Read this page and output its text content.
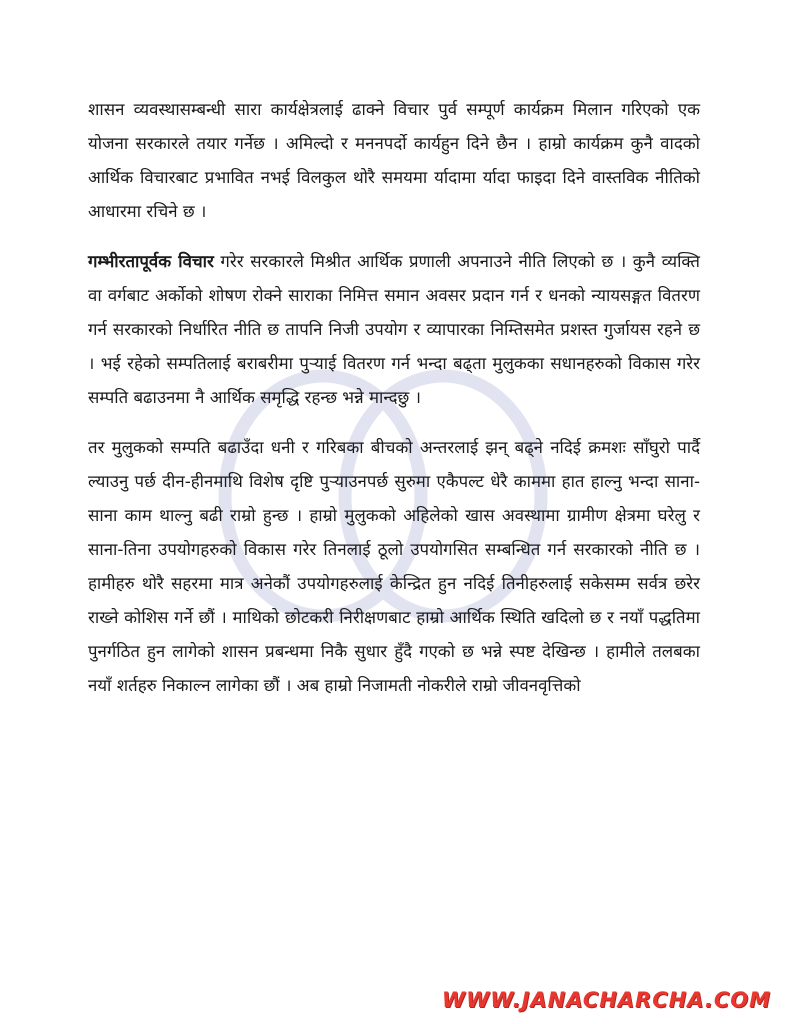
शासन व्यवस्थासम्बन्धी सारा कार्यक्षेत्रलाई ढाक्ने विचार पुर्व सम्पूर्ण कार्यक्रम मिलान गरिएको एक योजना सरकारले तयार गर्नेछ । अमिल्दो र मननपर्दो कार्यहुन दिने छैन । हाम्रो कार्यक्रम कुनै वादको आर्थिक विचारबाट प्रभावित नभई विलकुल थोरै समयमा र्यादामा र्यादा फाइदा दिने वास्तविक नीतिको आधारमा रचिने छ ।

गम्भीरतापूर्वक विचार गरेर सरकारले मिश्रीत आर्थिक प्रणाली अपनाउने नीति लिएको छ । कुनै व्यक्ति वा वर्गबाट अर्कोको शोषण रोक्ने साराका निमित्त समान अवसर प्रदान गर्न र धनको न्यायसङ्गत वितरण गर्न सरकारको निर्धारित नीति छ तापनि निजी उपयोग र व्यापारका निम्तिसमेत प्रशस्त गुर्जायस रहने छ । भई रहेको सम्पतिलाई बराबरीमा पुऱ्याई वितरण गर्न भन्दा बढ्ता मुलुकका सधानहरुको विकास गरेर सम्पति बढाउनमा नै आर्थिक समृद्धि रहन्छ भन्ने मान्दछु ।

तर मुलुकको सम्पति बढाउँदा धनी र गरिबका बीचको अन्तरलाई झन् बढ्ने नदिई क्रमशः साँघुरो पार्दै ल्याउनु पर्छ दीन-हीनमाथि विशेष दृष्टि पुऱ्याउनपर्छ सुरुमा एकैपल्ट धेरै काममा हात हाल्नु भन्दा साना-साना काम थाल्नु बढी राम्रो हुन्छ । हाम्रो मुलुकको अहिलेको खास अवस्थामा ग्रामीण क्षेत्रमा घरेलु र साना-तिना उपयोगहरुको विकास गरेर तिनलाई ठूलो उपयोगसित सम्बन्धित गर्न सरकारको नीति छ । हामीहरु थोरै सहरमा मात्र अनेकौं उपयोगहरुलाई केन्द्रित हुन नदिई तिनीहरुलाई सकेसम्म सर्वत्र छरेर राख्ने कोशिस गर्ने छौं । माथिको छोटकरी निरीक्षणबाट हाम्रो आर्थिक स्थिति खदिलो छ र नयाँ पद्धतिमा पुनर्गठित हुन लागेको शासन प्रबन्धमा निकै सुधार हुँदै गएको छ भन्ने स्पष्ट देखिन्छ । हामीले तलबका नयाँ शर्तहरु निकाल्न लागेका छौं । अब हाम्रो निजामती नोकरीले राम्रो जीवनवृत्तिको

WWW.JANACHARCHA.COM
